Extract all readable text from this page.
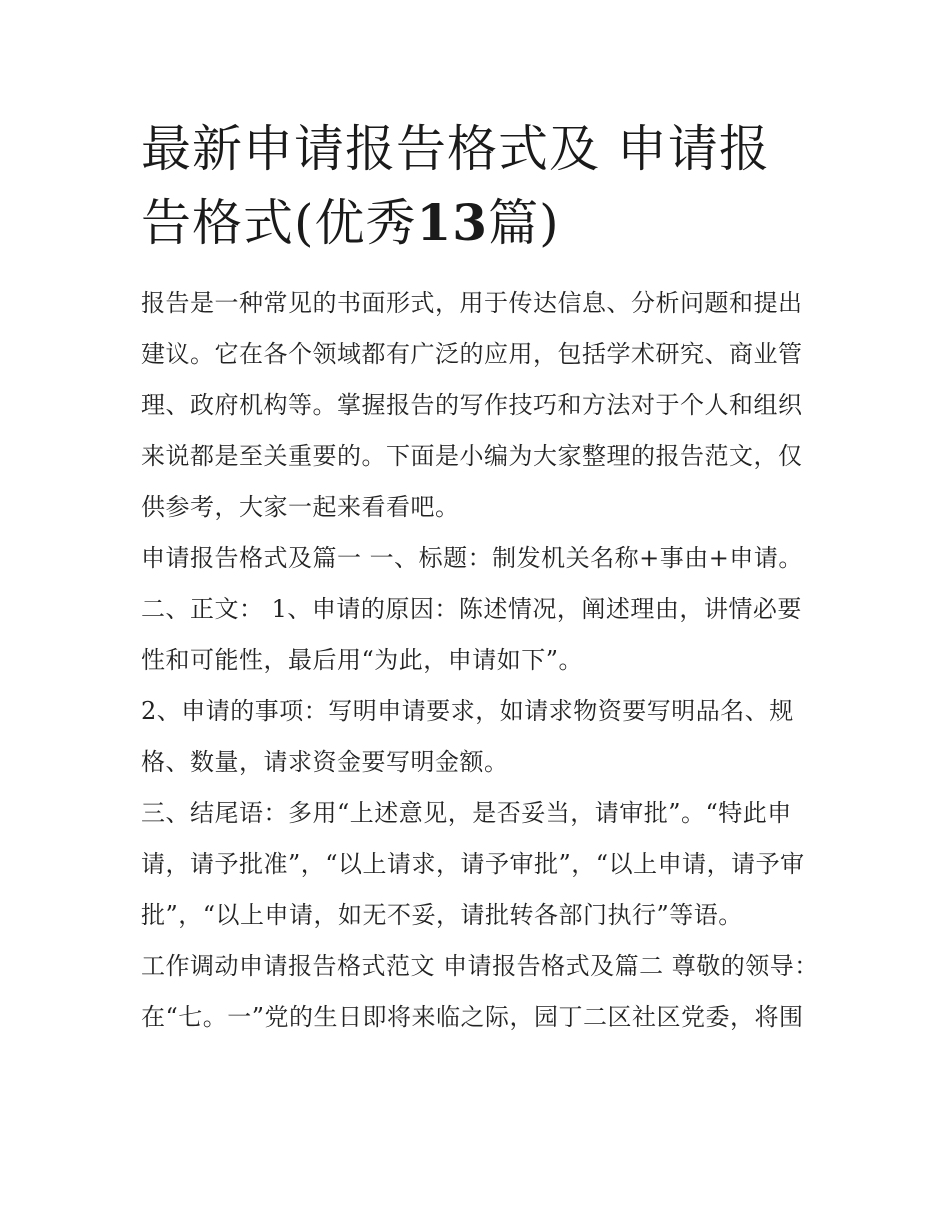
最新申请报告格式及 申请报告格式(优秀13篇)

报告是一种常见的书面形式，用于传达信息、分析问题和提出建议。它在各个领域都有广泛的应用，包括学术研究、商业管理、政府机构等。掌握报告的写作技巧和方法对于个人和组织来说都是至关重要的。下面是小编为大家整理的报告范文，仅供参考，大家一起来看看吧。

申请报告格式及篇一 一、标题：制发机关名称+事由+申请。

二、正文： 1、申请的原因：陈述情况，阐述理由，讲情必要性和可能性，最后用“为此，申请如下”。

2、申请的事项：写明申请要求，如请求物资要写明品名、规格、数量，请求资金要写明金额。

三、结尾语：多用“上述意见，是否妥当，请审批”。“特此申请，请予批准”，“以上请求，请予审批”，“以上申请，请予审批”，“以上申请，如无不妥，请批转各部门执行”等语。

工作调动申请报告格式范文 申请报告格式及篇二 尊敬的领导：

在“七。一”党的生日即将来临之际，园丁二区社区党委，将围
